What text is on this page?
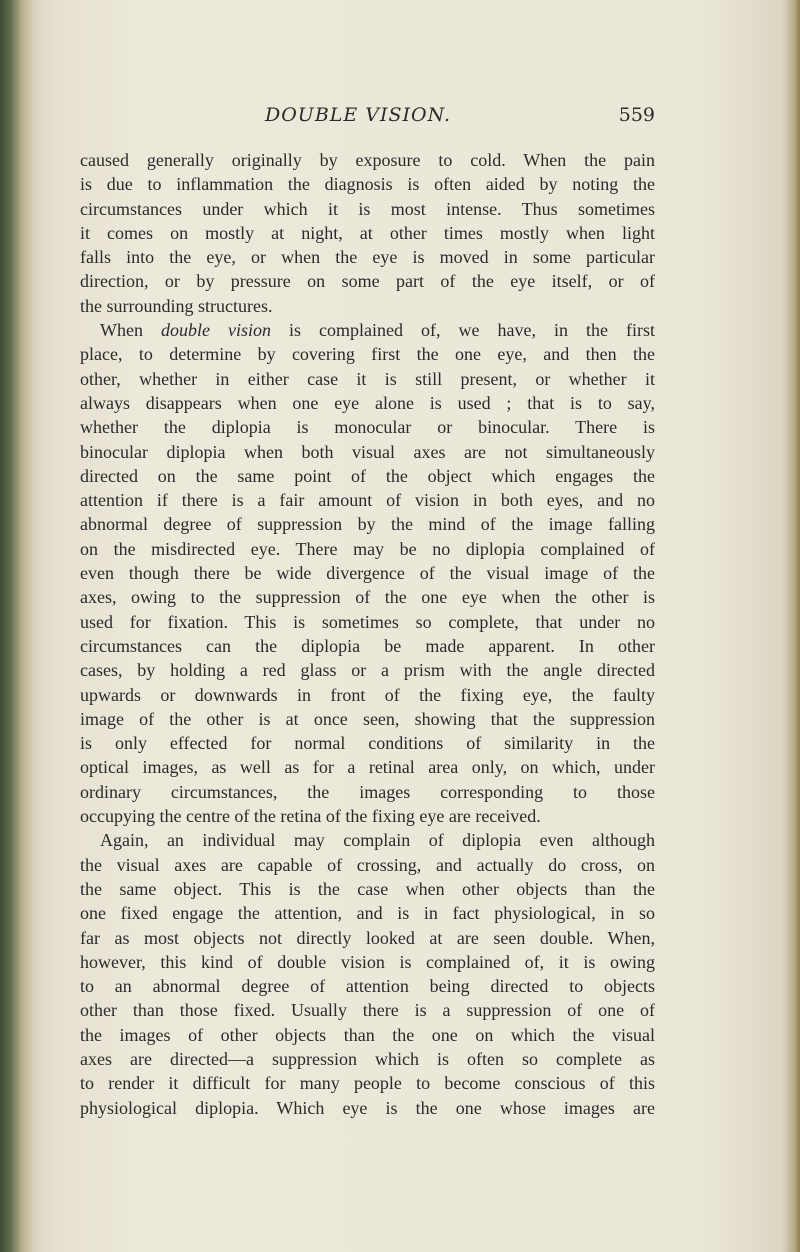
DOUBLE VISION.	559
caused generally originally by exposure to cold. When the pain
is due to inflammation the diagnosis is often aided by noting the
circumstances under which it is most intense. Thus sometimes
it comes on mostly at night, at other times mostly when light
falls into the eye, or when the eye is moved in some particular
direction, or by pressure on some part of the eye itself, or of
the surrounding structures.
When double vision is complained of, we have, in the first
place, to determine by covering first the one eye, and then the
other, whether in either case it is still present, or whether it
always disappears when one eye alone is used ; that is to say,
whether the diplopia is monocular or binocular. There is
binocular diplopia when both visual axes are not simultaneously
directed on the same point of the object which engages the
attention if there is a fair amount of vision in both eyes, and no
abnormal degree of suppression by the mind of the image falling
on the misdirected eye. There may be no diplopia complained of
even though there be wide divergence of the visual image of the
axes, owing to the suppression of the one eye when the other is
used for fixation. This is sometimes so complete, that under no
circumstances can the diplopia be made apparent. In other
cases, by holding a red glass or a prism with the angle directed
upwards or downwards in front of the fixing eye, the faulty
image of the other is at once seen, showing that the suppression
is only effected for normal conditions of similarity in the
optical images, as well as for a retinal area only, on which, under
ordinary circumstances, the images corresponding to those
occupying the centre of the retina of the fixing eye are received.
Again, an individual may complain of diplopia even although
the visual axes are capable of crossing, and actually do cross, on
the same object. This is the case when other objects than the
one fixed engage the attention, and is in fact physiological, in so
far as most objects not directly looked at are seen double. When,
however, this kind of double vision is complained of, it is owing
to an abnormal degree of attention being directed to objects
other than those fixed. Usually there is a suppression of one of
the images of other objects than the one on which the visual
axes are directed—a suppression which is often so complete as
to render it difficult for many people to become conscious of this
physiological diplopia. Which eye is the one whose images are
